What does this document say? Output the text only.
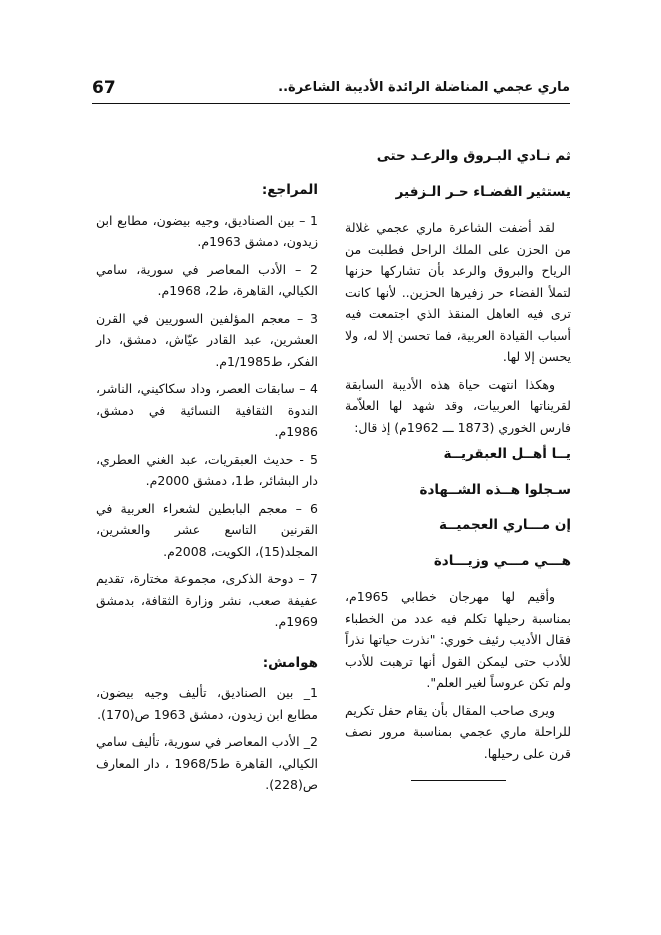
67	ماري عجمي المناضلة الرائدة الأديبة الشاعرة..
ثم نـادي البـروق والرعـد حتى
يستثير الفضـاء حـر الـزفير

لقد أضفت الشاعرة ماري عجمي غلالة من الحزن على الملك الراحل فطلبت من الرياح والبروق والرعد بأن تشاركها حزنها لتملأ الفضاء حر زفيرها الحزين.. لأنها كانت ترى فيه العاهل المنقذ الذي اجتمعت فيه أسباب القيادة العربية، فما تحسن إلا له، ولا يحسن إلا لها.

وهكذا انتهت حياة هذه الأديبة السابقة لقريناتها العربيات، وقد شهد لها العلاّمة فارس الخوري (1873 ـــ 1962م) إذ قال:

يــا أهــل العبقريــة
سـجلوا هــذه الشــهادة
إن مـــاري العجميــة
هـــي مـــي وزيـــادة

وأقيم لها مهرجان خطابي 1965م، بمناسبة رحيلها تكلم فيه عدد من الخطباء فقال الأديب رئيف خوري: "نذرت حياتها نذراً للأدب حتى ليمكن القول أنها ترهبت للأدب ولم تكن عروساً لغير العلم".

ويرى صاحب المقال بأن يقام حفل تكريم للراحلة ماري عجمي بمناسبة مرور نصف قرن على رحيلها.

المراجع:
1 – بين الصناديق، وجيه بيضون، مطابع ابن زيدون، دمشق 1963م.
2 – الأدب المعاصر في سورية، سامي الكيالي، القاهرة، ط2، 1968م.
3 – معجم المؤلفين السوريين في القرن العشرين، عبد القادر عيّاش، دمشق، دار الفكر، ط1/1985م.
4 – سابقات العصر، وداد سكاكيني، الناشر، الندوة الثقافية النسائية في دمشق، 1986م.
5 - حديث العبقريات، عبد الغني العطري، دار البشائر، ط1، دمشق 2000م.
6 – معجم البابطين لشعراء العربية في القرنين التاسع عشر والعشرين، المجلد(15)، الكويت، 2008م.
7 – دوحة الذكرى، مجموعة مختارة، تقديم عفيفة صعب، نشر وزارة الثقافة، بدمشق 1969م.
هوامش:
1_ بين الصناديق، تأليف وجيه بيضون، مطابع ابن زيدون، دمشق 1963 ص(170).
2_ الأدب المعاصر في سورية، تأليف سامي الكيالي، القاهرة ط1968/5 ، دار المعارف ص(228).
